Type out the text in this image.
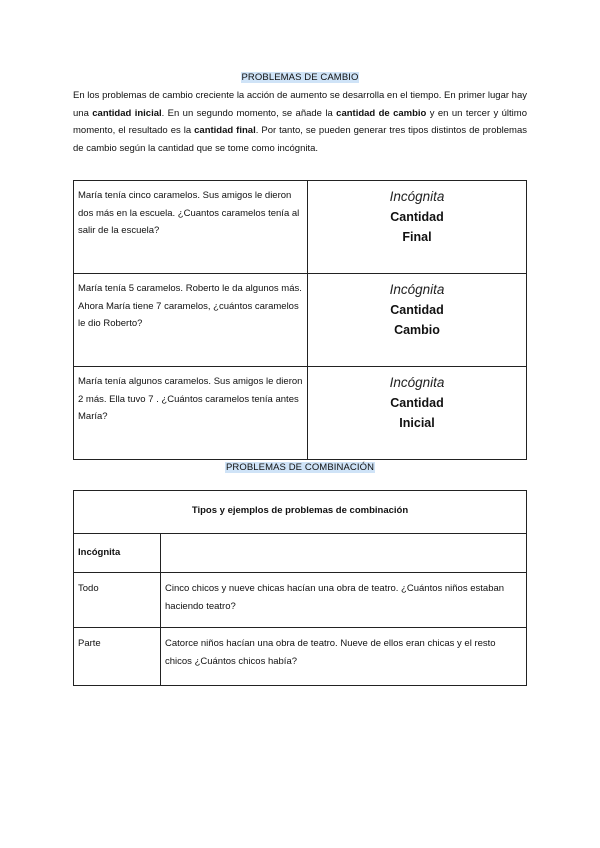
PROBLEMAS DE CAMBIO
En los problemas de cambio creciente la acción de aumento se desarrolla en el tiempo. En primer lugar hay una cantidad inicial. En un segundo momento, se añade la cantidad de cambio y en un tercer y último momento, el resultado es la cantidad final. Por tanto, se pueden generar tres tipos distintos de problemas de cambio según la cantidad que se tome como incógnita.
María tenía cinco caramelos. Sus amigos le dieron dos más en la escuela. ¿Cuantos caramelos tenía al salir de la escuela?	Incógnita
Cantidad
Final

María tenía 5 caramelos. Roberto le da algunos más. Ahora María tiene 7 caramelos, ¿cuántos caramelos le dio Roberto?	Incógnita
Cantidad
Cambio

María tenía algunos caramelos. Sus amigos le dieron 2 más. Ella tuvo 7 . ¿Cuántos caramelos tenía antes María?	Incógnita
Cantidad
Inicial
PROBLEMAS DE COMBINACIÓN
Tipos y ejemplos de problemas de combinación	
Incógnita	
Todo	Cinco chicos y nueve chicas hacían una obra de teatro. ¿Cuántos niños estaban haciendo teatro?
Parte	Catorce niños hacían una obra de teatro. Nueve de ellos eran chicas y el resto chicos ¿Cuántos chicos había?
